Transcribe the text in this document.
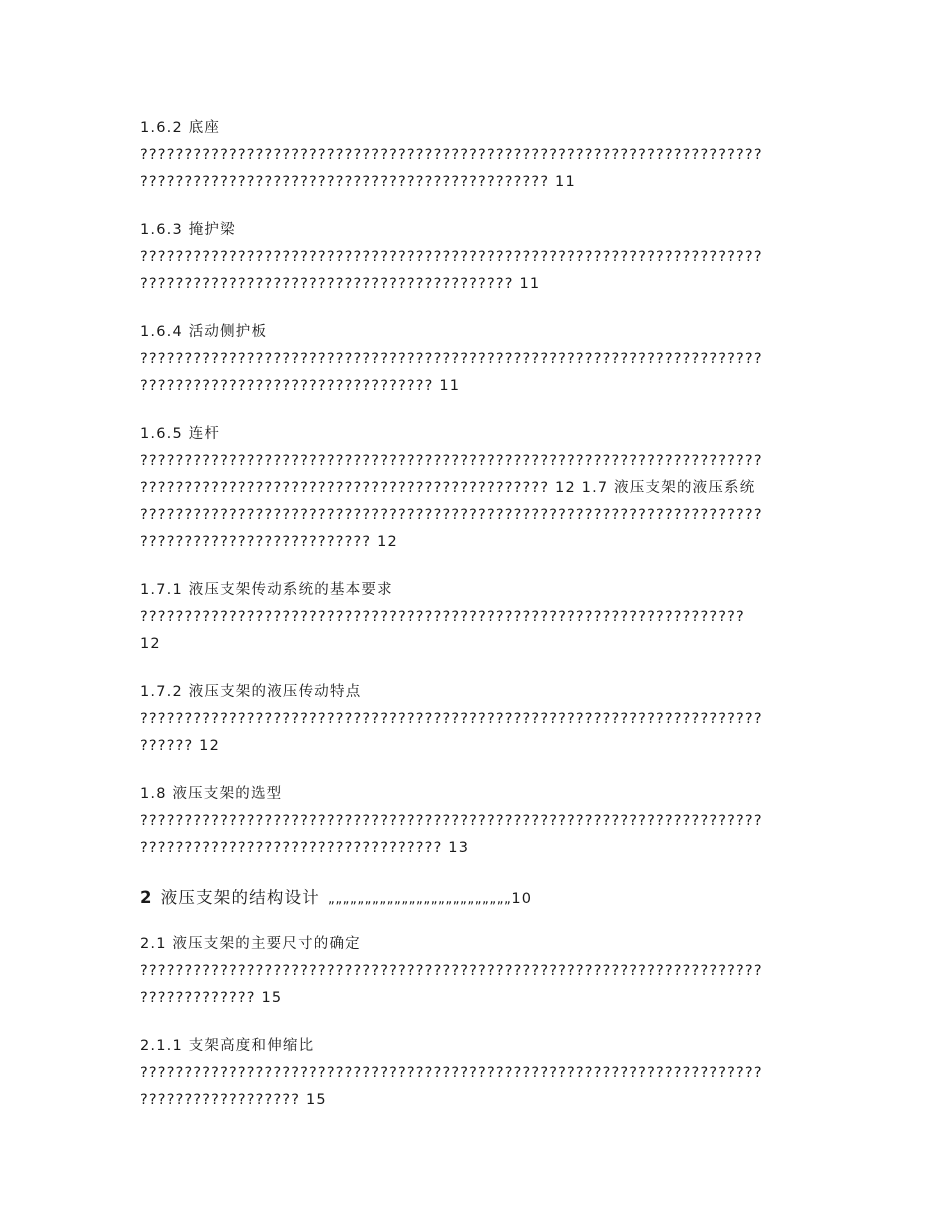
1.6.2 底座
??????????????????????????????????????????????????????????????????????
?????????????????????????????????????????????? 11
1.6.3 掩护梁
??????????????????????????????????????????????????????????????????????
?????????????????????????????????????????? 11
1.6.4 活动侧护板
??????????????????????????????????????????????????????????????????????
????????????????????????????????? 11
1.6.5 连杆
??????????????????????????????????????????????????????????????????????
?????????????????????????????????????????????? 12 1.7 液压支架的液压系统
??????????????????????????????????????????????????????????????????????
?????????????????????????? 12
1.7.1 液压支架传动系统的基本要求
????????????????????????????????????????????????????????????????????
12
1.7.2 液压支架的液压传动特点
??????????????????????????????????????????????????????????????????????
?????? 12
1.8 液压支架的选型
??????????????????????????????????????????????????????????????????????
?????????????????????????????????? 13
2 液压支架的结构设计 „„„„„„„„„„„„„„„„„„„„„„„„„10
2.1 液压支架的主要尺寸的确定
??????????????????????????????????????????????????????????????????????
????????????? 15
2.1.1 支架高度和伸缩比
??????????????????????????????????????????????????????????????????????
?????????????????? 15
